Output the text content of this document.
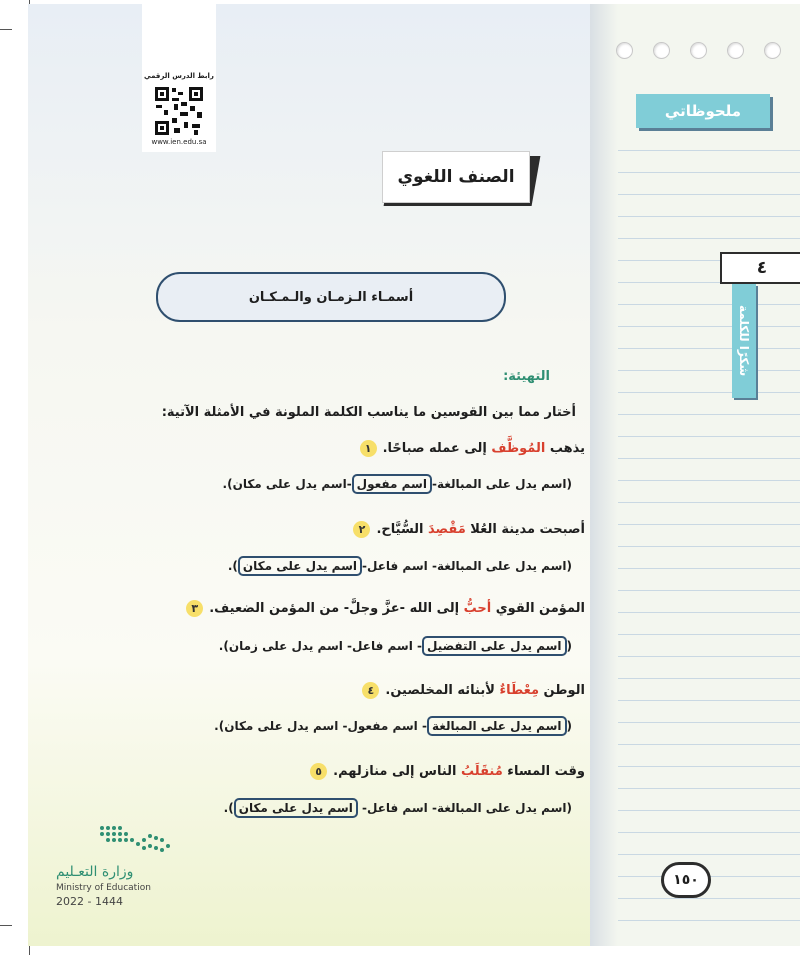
ملحوظاتي
٤
شكرًا للكلمة
رابط الدرس الرقمي
www.ien.edu.sa
الصنف اللغوي
أسمـاء الـزمـان والـمـكـان
التهيئة:
أختار مما بين القوسين ما يناسب الكلمة الملونة في الأمثلة الآتية:
١	يذهب المُوظَّف إلى عمله صباحًا.
(اسم يدل على المبالغة-اسم مفعول-اسم يدل على مكان).
٢	أصبحت مدينة العُلا مَقْصِدَ السُّيَّاح.
(اسم يدل على المبالغة- اسم فاعل-اسم يدل على مكان).
٣	المؤمن القوي أحبُّ إلى الله -عزَّ وجلَّ- من المؤمن الضعيف.
(اسم يدل على التفضيل- اسم فاعل- اسم يدل على زمان).
٤	الوطن مِعْطَاءٌ لأبنائه المخلصين.
(اسم يدل على المبالغة- اسم مفعول- اسم يدل على مكان).
٥	وقت المساء مُنقَلَبُ الناس إلى منازلهم.
(اسم يدل على المبالغة- اسم فاعل- اسم يدل على مكان).
١٥٠
وزارة التعـليم
Ministry of Education
2022 - 1444
